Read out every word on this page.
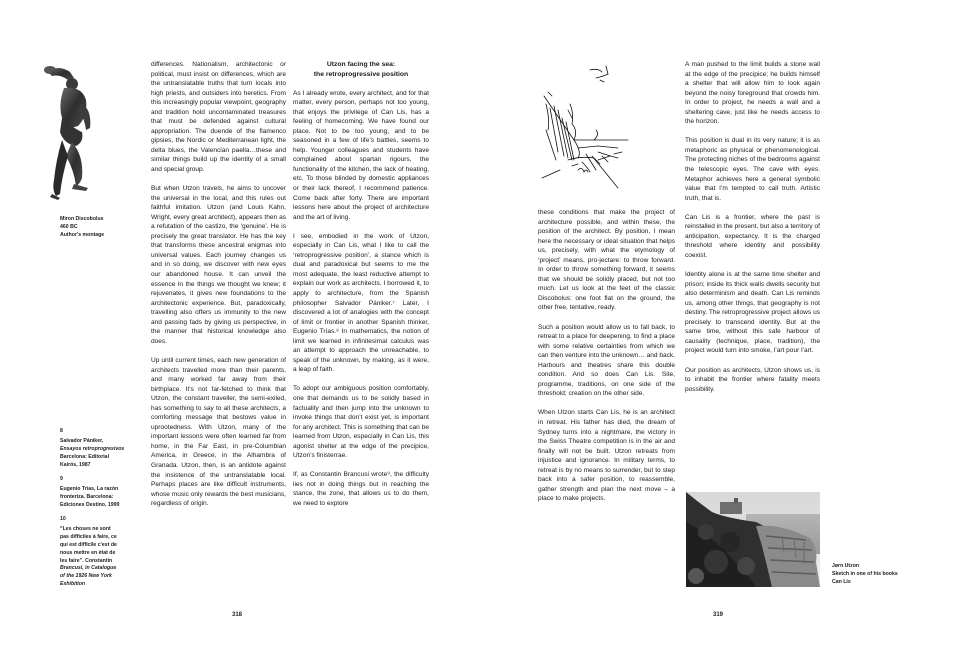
Miron Discobolus
460 BC
Author's montage
8
Salvador Pániker,
Ensayos retroprogresivos
Barcelona: Editorial
Kairós, 1987
9
Eugenio Trías, La razón
fronteriza. Barcelona:
Ediciones Destino, 1999
10
“Les choses ne sont
pas difficiles à faire, ce
qui est difficile c'est de
nous mettre en état de
les faire”. Constantin
Brancusi, in Catalogue
of the 1926 New York
Exhibition

differences. Nationalism, architectonic or political, must insist on differences, which are the untranslatable truths that turn locals into high priests, and outsiders into heretics. From this increasingly popular viewpoint, geography and tradition hold uncontaminated treasures that must be defended against cultural appropriation. The duende of the flamenco gipsies, the Nordic or Mediterranean light, the delta blues, the Valencian paella…these and similar things build up the identity of a small and special group.

But when Utzon travels, he aims to uncover the universal in the local, and this rules out faithful imitation. Utzon (and Louis Kahn, Wright, every great architect), appears then as a refutation of the castizo, the ‘genuine’. He is precisely the great translator. He has the key that transforms these ancestral enigmas into universal values. Each journey changes us and in so doing, we discover with new eyes our abandoned house. It can unveil the essence in the things we thought we knew; it rejuvenates, it gives new foundations to the architectonic experience. But, paradoxically, travelling also offers us immunity to the new and passing fads by giving us perspective, in the manner that historical knowledge also does.

Up until current times, each new generation of architects travelled more than their parents, and many worked far away from their birthplace. It’s not far-fetched to think that Utzon, the constant traveller, the semi-exiled, has something to say to all these architects, a comforting message that bestows value in uprootedness. With Utzon, many of the important lessons were often learned far from home, in the Far East, in pre-Columbian America, in Greece, in the Alhambra of Granada. Utzon, then, is an antidote against the insistence of the untranslatable local. Perhaps places are like difficult instruments, whose music only rewards the best musicians, regardless of origin.

Utzon facing the sea:
the retroprogressive position

As I already wrote, every architect, and for that matter, every person, perhaps not too young, that enjoys the privilege of Can Lis, has a feeling of homecoming. We have found our place. Not to be too young, and to be seasoned in a few of life’s battles, seems to help. Younger colleagues and students have complained about spartan rigours, the functionality of the kitchen, the lack of heating, etc. To those blinded by domestic appliances or their lack thereof, I recommend patience. Come back after forty. There are important lessons here about the project of architecture and the art of living.

I see, embodied in the work of Utzon, especially in Can Lis, what I like to call the ‘retroprogressive position’, a stance which is dual and paradoxical but seems to me the most adequate, the least reductive attempt to explain our work as architects. I borrowed it, to apply to architecture, from the Spanish philosopher Salvador Pániker.⁷ Later, I discovered a lot of analogies with the concept of limit or frontier in another Spanish thinker, Eugenio Trías.⁸ In mathematics, the notion of limit we learned in infinitesimal calculus was an attempt to approach the unreachable, to speak of the unknown, by making, as it were, a leap of faith.

To adopt our ambiguous position comfortably, one that demands us to be solidly based in factuality and then jump into the unknown to invoke things that don’t exist yet, is important for any architect. This is something that can be learned from Utzon, especially in Can Lis, this agonist shelter at the edge of the precipice, Utzon’s finisterrae.

If, as Constantin Brancusi wrote⁹, the difficulty lies not in doing things but in reaching the stance, the zone, that allows us to do them, we need to explore

318

these conditions that make the project of architecture possible, and within these, the position of the architect. By position, I mean here the necessary or ideal situation that helps us, precisely, with what the etymology of ‘project’ means, pro-jectare: to throw forward. In order to throw something forward, it seems that we should be solidly placed, but not too much. Let us look at the feet of the classic Discobolus: one foot flat on the ground, the other free, tentative, ready.

Such a position would allow us to fall back, to retreat to a place for deepening, to find a place with some relative certainties from which we can then venture into the unknown… and back. Harbours and theatres share this double condition. And so does Can Lis. Site, programme, traditions, on one side of the threshold; creation on the other side.

When Utzon starts Can Lis, he is an architect in retreat. His father has died, the dream of Sydney turns into a nightmare, the victory in the Swiss Theatre competition is in the air and finally will not be built. Utzon retreats from injustice and ignorance. In military terms, to retreat is by no means to surrender, but to step back into a safer position, to reassemble, gather strength and plan the next move – a place to make projects.

A man pushed to the limit builds a stone wall at the edge of the precipice; he builds himself a shelter that will allow him to look again beyond the noisy foreground that crowds him. In order to project, he needs a wall and a sheltering cave, just like he needs access to the horizon.

This position is dual in its very nature; it is as metaphoric as physical or phenomenological. The protecting niches of the bedrooms against the telescopic eyes. The cave with eyes. Metaphor achieves here a general symbolic value that I’m tempted to call truth. Artistic truth, that is.

Can Lis is a frontier, where the past is reinstalled in the present, but also a territory of anticipation, expectancy. It is the charged threshold where identity and possibility coexist.

Identity alone is at the same time shelter and prison; inside its thick walls dwells security but also determinism and death. Can Lis reminds us, among other things, that geography is not destiny. The retroprogressive project allows us precisely to transcend identity. But at the same time, without this safe harbour of causality (technique, place, tradition), the project would turn into smoke, l’art pour l’art.

Our position as architects, Utzon shows us, is to inhabit the frontier where fatality meets possibility.

Jørn Utzon
Sketch in one of his books
Can Lis
319
